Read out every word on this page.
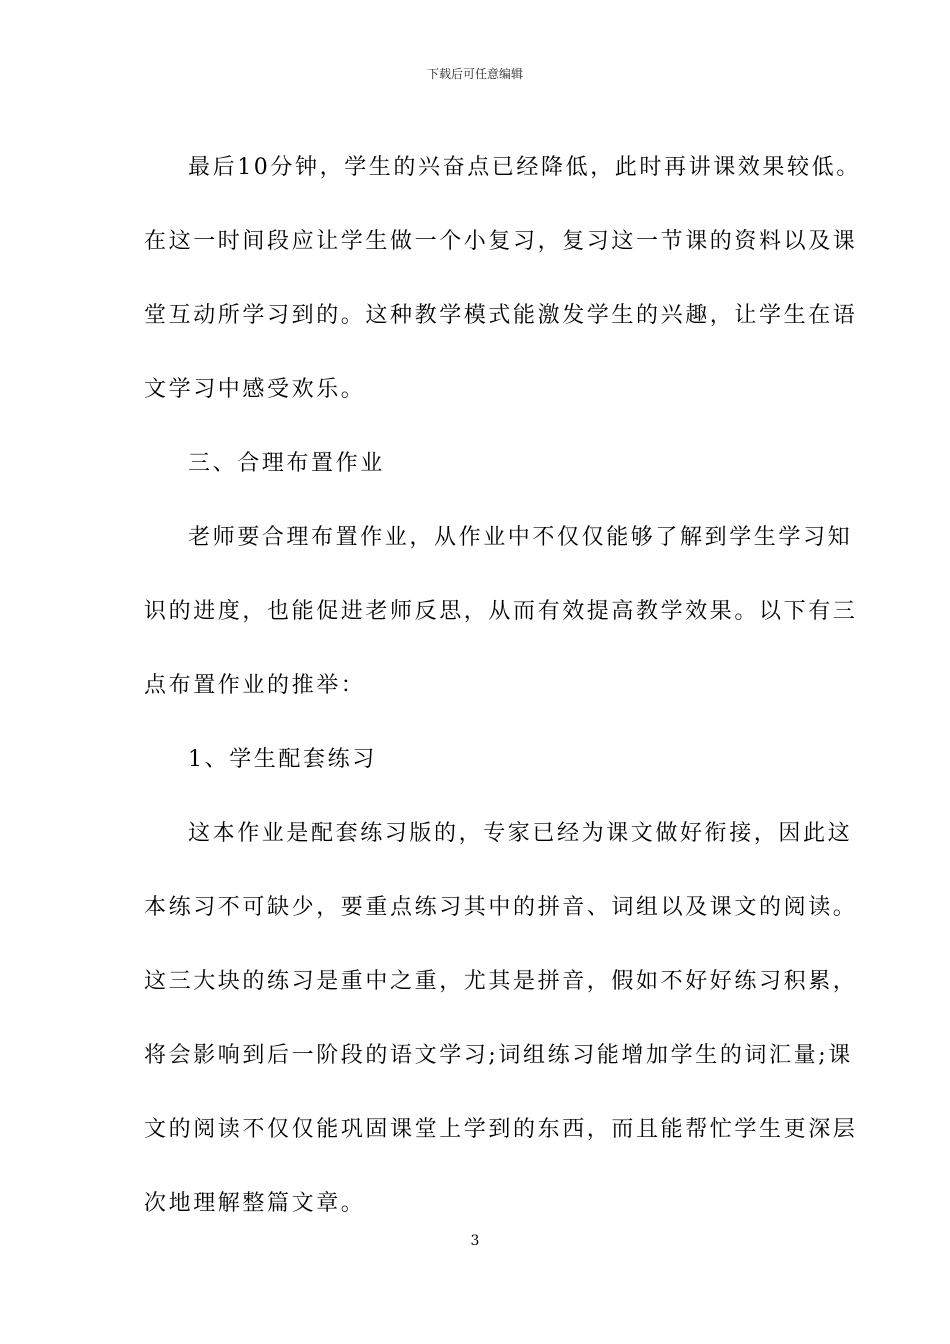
下载后可任意编辑
最后10分钟，学生的兴奋点已经降低，此时再讲课效果较低。
在这一时间段应让学生做一个小复习，复习这一节课的资料以及课
堂互动所学习到的。这种教学模式能激发学生的兴趣，让学生在语
文学习中感受欢乐。
三、合理布置作业
老师要合理布置作业，从作业中不仅仅能够了解到学生学习知
识的进度，也能促进老师反思，从而有效提高教学效果。以下有三
点布置作业的推举：
1、学生配套练习
这本作业是配套练习版的，专家已经为课文做好衔接，因此这
本练习不可缺少，要重点练习其中的拼音、词组以及课文的阅读。
这三大块的练习是重中之重，尤其是拼音，假如不好好练习积累，
将会影响到后一阶段的语文学习;词组练习能增加学生的词汇量;课
文的阅读不仅仅能巩固课堂上学到的东西，而且能帮忙学生更深层
次地理解整篇文章。
3
